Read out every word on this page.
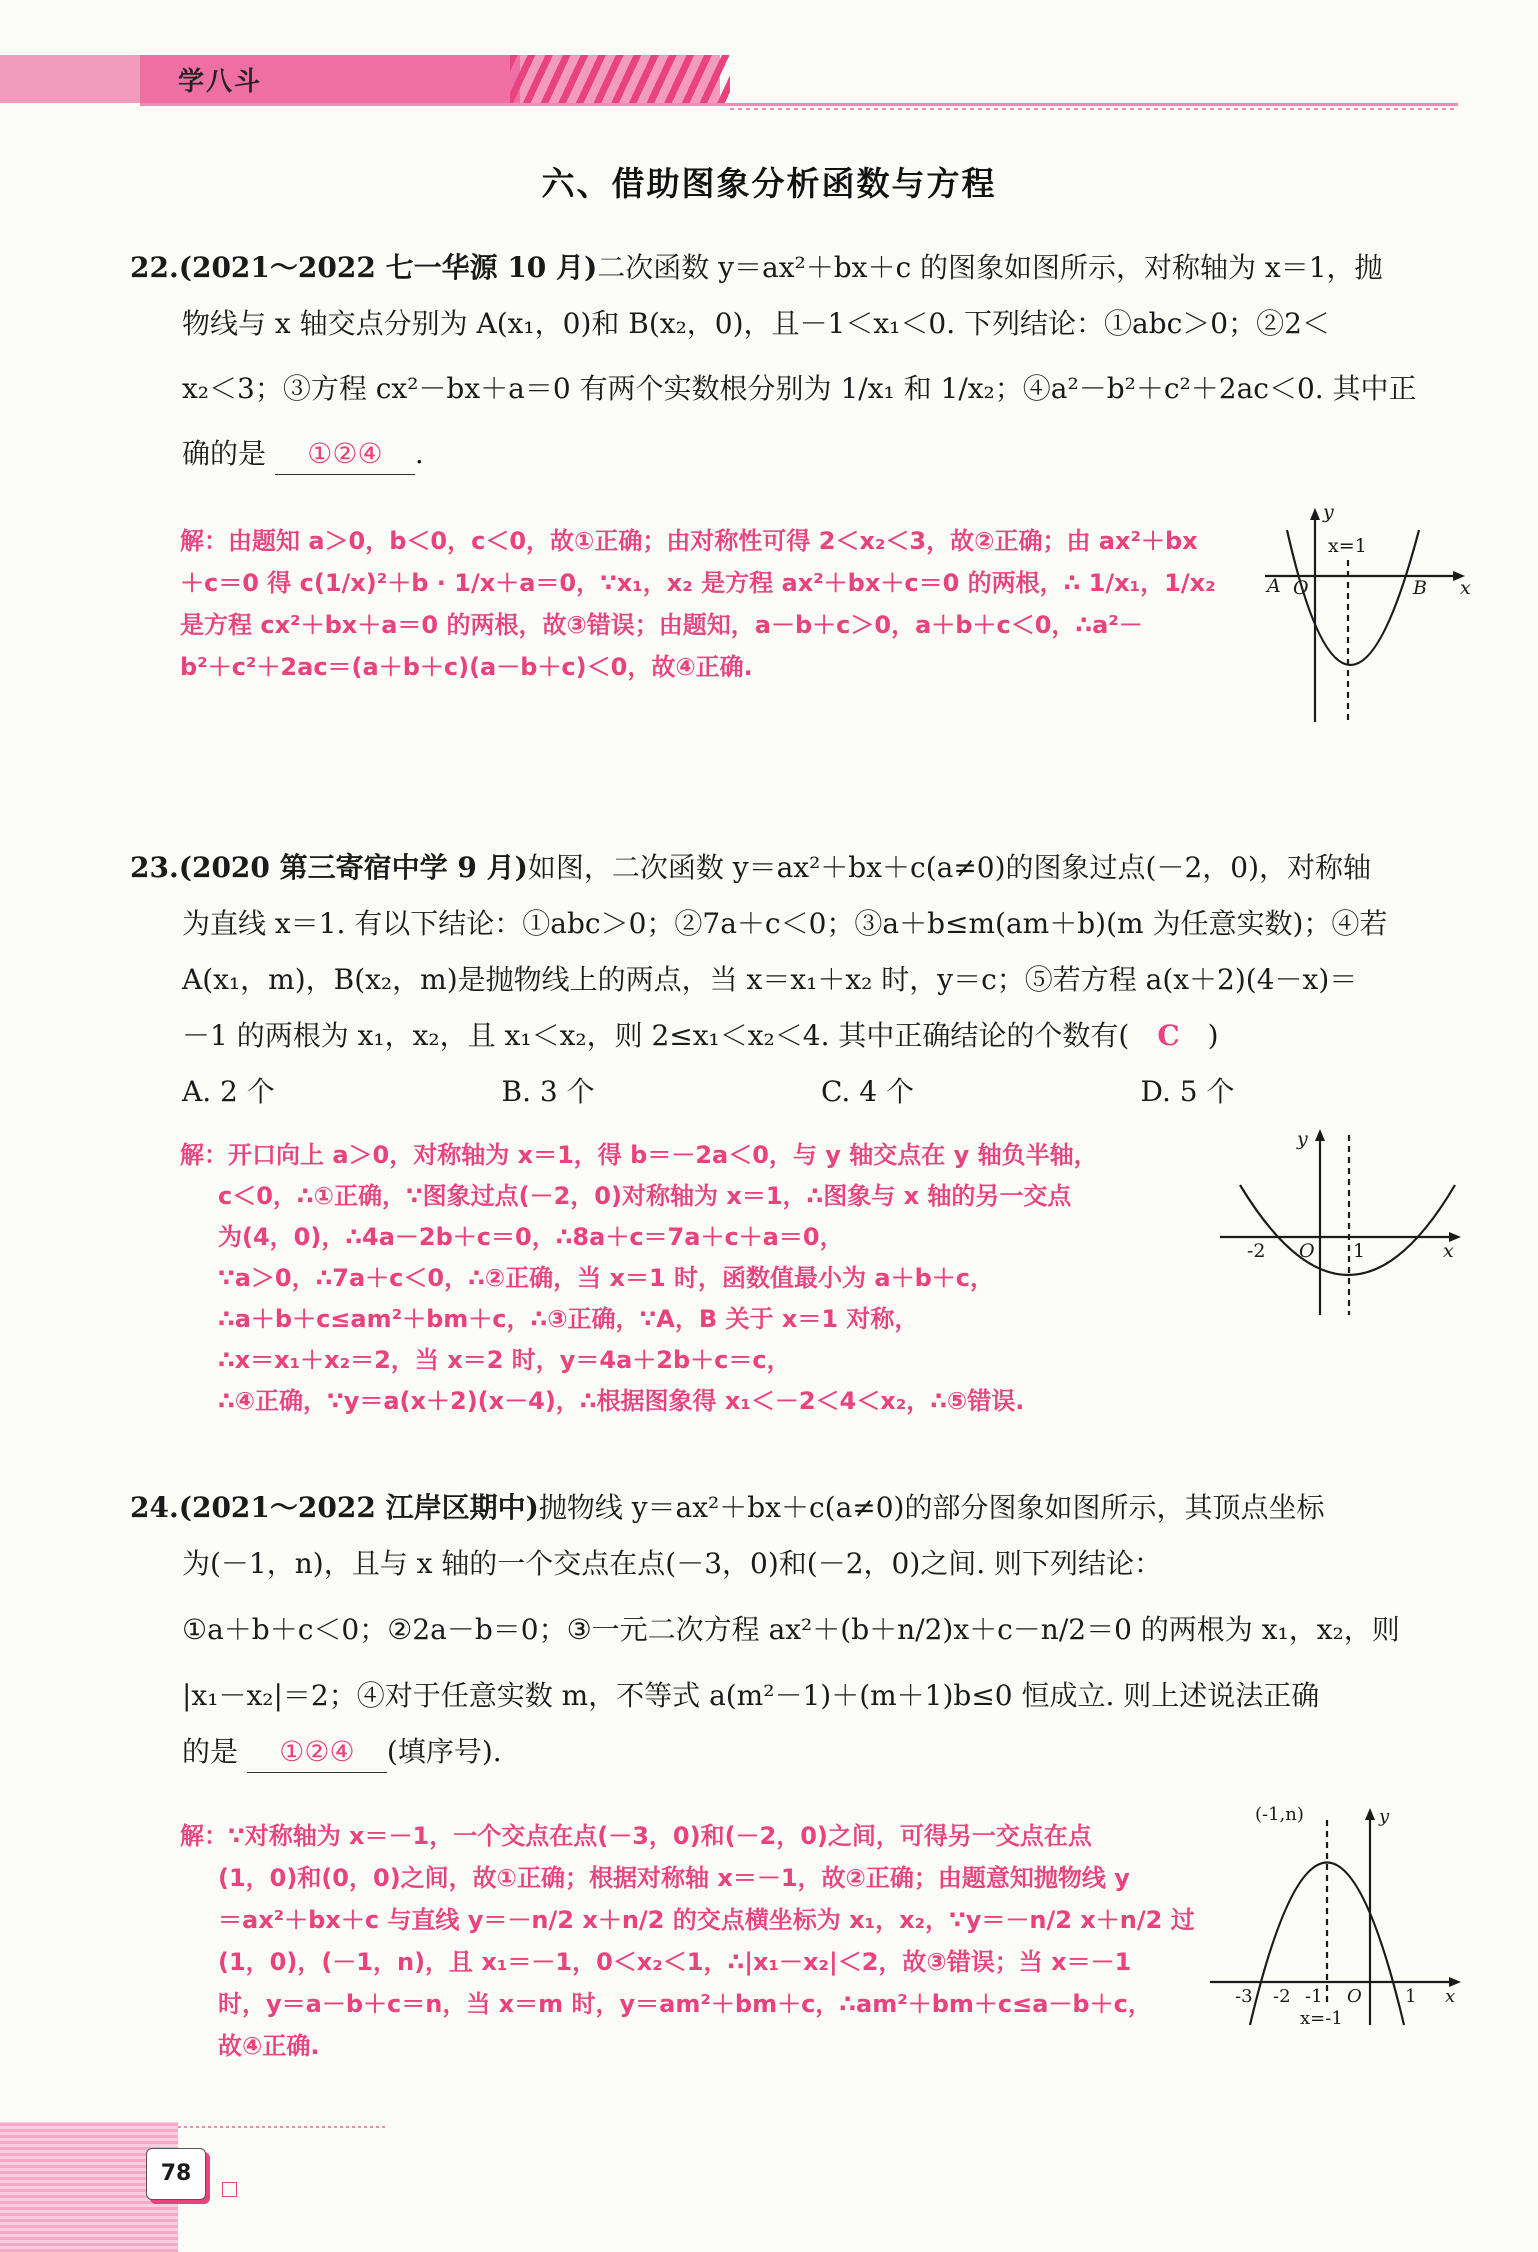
学八斗
六、借助图象分析函数与方程

22.(2021～2022 七一华源 10 月)二次函数 y＝ax²＋bx＋c 的图象如图所示，对称轴为 x＝1，抛

物线与 x 轴交点分别为 A(x₁，0)和 B(x₂，0)，且－1＜x₁＜0. 下列结论：①abc＞0；②2＜

x₂＜3；③方程 cx²－bx＋a＝0 有两个实数根分别为 1/x₁ 和 1/x₂；④a²－b²＋c²＋2ac＜0. 其中正

确的是 ①②④ .

解：由题知 a＞0，b＜0，c＜0，故①正确；由对称性可得 2＜x₂＜3，故②正确；由 ax²＋bx

＋c＝0 得 c(1/x)²＋b · 1/x＋a＝0，∵x₁，x₂ 是方程 ax²＋bx＋c＝0 的两根，∴ 1/x₁，1/x₂

是方程 cx²＋bx＋a＝0 的两根，故③错误；由题知，a－b＋c＞0，a＋b＋c＜0，∴a²－

b²＋c²＋2ac＝(a＋b＋c)(a－b＋c)＜0，故④正确.

y
x
x=1
A O	B

23.(2020 第三寄宿中学 9 月)如图，二次函数 y＝ax²＋bx＋c(a≠0)的图象过点(－2，0)，对称轴

为直线 x＝1. 有以下结论：①abc＞0；②7a＋c＜0；③a＋b≤m(am＋b)(m 为任意实数)；④若

A(x₁，m)，B(x₂，m)是抛物线上的两点，当 x＝x₁＋x₂ 时，y＝c；⑤若方程 a(x＋2)(4－x)＝

－1 的两根为 x₁，x₂，且 x₁＜x₂，则 2≤x₁＜x₂＜4. 其中正确结论的个数有( C )

A. 2 个	B. 3 个	C. 4 个	D. 5 个

解：开口向上 a＞0，对称轴为 x＝1，得 b＝－2a＜0，与 y 轴交点在 y 轴负半轴，

c＜0，∴①正确，∵图象过点(－2，0)对称轴为 x＝1，∴图象与 x 轴的另一交点

为(4，0)，∴4a－2b＋c＝0，∴8a＋c＝7a＋c＋a＝0，

∵a＞0，∴7a＋c＜0，∴②正确，当 x＝1 时，函数值最小为 a＋b＋c，

∴a＋b＋c≤am²＋bm＋c，∴③正确，∵A，B 关于 x＝1 对称，

∴x＝x₁＋x₂＝2，当 x＝2 时，y＝4a＋2b＋c＝c，

∴④正确，∵y＝a(x＋2)(x－4)，∴根据图象得 x₁＜－2＜4＜x₂，∴⑤错误.

y
x
-2 O 1

24.(2021～2022 江岸区期中)抛物线 y＝ax²＋bx＋c(a≠0)的部分图象如图所示，其顶点坐标

为(－1，n)，且与 x 轴的一个交点在点(－3，0)和(－2，0)之间. 则下列结论：

①a＋b＋c＜0；②2a－b＝0；③一元二次方程 ax²＋(b＋n/2)x＋c－n/2＝0 的两根为 x₁，x₂，则

|x₁－x₂|＝2；④对于任意实数 m，不等式 a(m²－1)＋(m＋1)b≤0 恒成立. 则上述说法正确

的是 ①②④ (填序号).

解：∵对称轴为 x＝－1，一个交点在点(－3，0)和(－2，0)之间，可得另一交点在点

(1，0)和(0，0)之间，故①正确；根据对称轴 x＝－1，故②正确；由题意知抛物线 y

＝ax²＋bx＋c 与直线 y＝－n/2 x＋n/2 的交点横坐标为 x₁，x₂，∵y＝－n/2 x＋n/2 过

(1，0)，(－1，n)，且 x₁＝－1，0＜x₂＜1，∴|x₁－x₂|＜2，故③错误；当 x＝－1

时，y＝a－b＋c＝n，当 x＝m 时，y＝am²＋bm＋c，∴am²＋bm＋c≤a－b＋c，

故④正确.

(-1,n)	y
x
-3 -2 -1 O 1
x=-1
78
